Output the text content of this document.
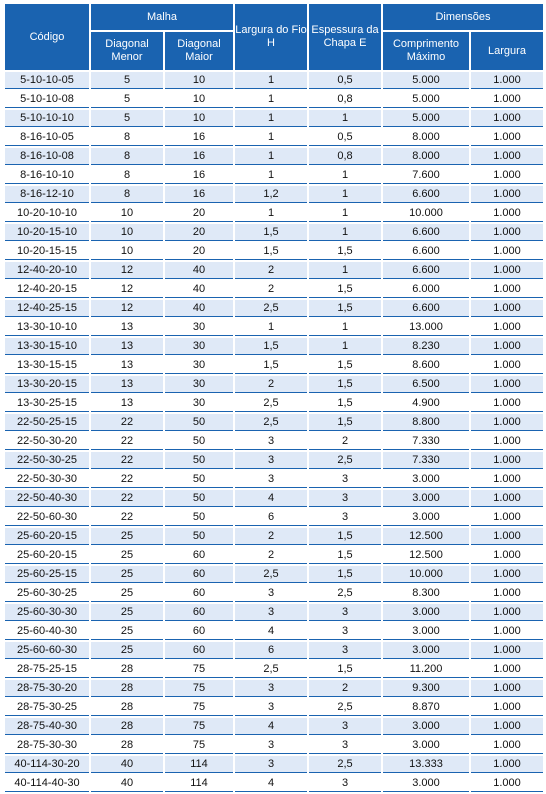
Código	Malha		Largura do Fio H	Espessura da Chapa E	Dimensões	
	Diagonal Menor	Diagonal Maior			Comprimento Máximo	Largura
5-10-10-05	5	10	1	0,5	5.000	1.000
5-10-10-08	5	10	1	0,8	5.000	1.000
5-10-10-10	5	10	1	1	5.000	1.000
8-16-10-05	8	16	1	0,5	8.000	1.000
8-16-10-08	8	16	1	0,8	8.000	1.000
8-16-10-10	8	16	1	1	7.600	1.000
8-16-12-10	8	16	1,2	1	6.600	1.000
10-20-10-10	10	20	1	1	10.000	1.000
10-20-15-10	10	20	1,5	1	6.600	1.000
10-20-15-15	10	20	1,5	1,5	6.600	1.000
12-40-20-10	12	40	2	1	6.600	1.000
12-40-20-15	12	40	2	1,5	6.000	1.000
12-40-25-15	12	40	2,5	1,5	6.600	1.000
13-30-10-10	13	30	1	1	13.000	1.000
13-30-15-10	13	30	1,5	1	8.230	1.000
13-30-15-15	13	30	1,5	1,5	8.600	1.000
13-30-20-15	13	30	2	1,5	6.500	1.000
13-30-25-15	13	30	2,5	1,5	4.900	1.000
22-50-25-15	22	50	2,5	1,5	8.800	1.000
22-50-30-20	22	50	3	2	7.330	1.000
22-50-30-25	22	50	3	2,5	7.330	1.000
22-50-30-30	22	50	3	3	3.000	1.000
22-50-40-30	22	50	4	3	3.000	1.000
22-50-60-30	22	50	6	3	3.000	1.000
25-60-20-15	25	50	2	1,5	12.500	1.000
25-60-20-15	25	60	2	1,5	12.500	1.000
25-60-25-15	25	60	2,5	1,5	10.000	1.000
25-60-30-25	25	60	3	2,5	8.300	1.000
25-60-30-30	25	60	3	3	3.000	1.000
25-60-40-30	25	60	4	3	3.000	1.000
25-60-60-30	25	60	6	3	3.000	1.000
28-75-25-15	28	75	2,5	1,5	11.200	1.000
28-75-30-20	28	75	3	2	9.300	1.000
28-75-30-25	28	75	3	2,5	8.870	1.000
28-75-40-30	28	75	4	3	3.000	1.000
28-75-30-30	28	75	3	3	3.000	1.000
40-114-30-20	40	114	3	2,5	13.333	1.000
40-114-40-30	40	114	4	3	3.000	1.000
